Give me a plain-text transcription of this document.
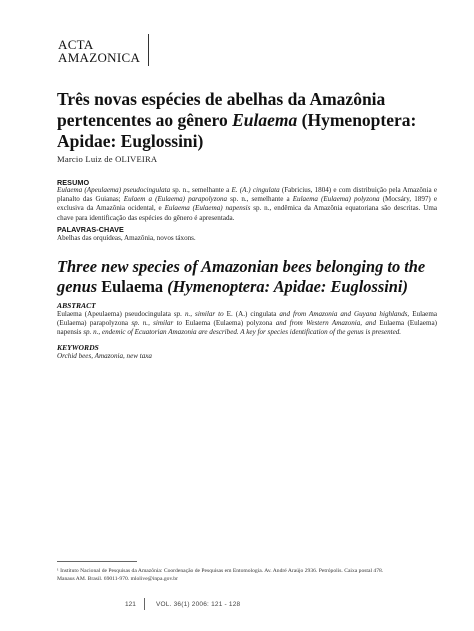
ACTA
AMAZONICA
Três novas espécies de abelhas da Amazônia pertencentes ao gênero Eulaema (Hymenoptera: Apidae: Euglossini)
Marcio Luiz de OLIVEIRA
RESUMO

Eulaema (Apeulaema) pseudocingulata sp. n., semelhante a E. (A.) cingulata (Fabricius, 1804) e com distribuição pela Amazônia e planalto das Guianas; Eulaem a (Eulaema) parapolyzona sp. n., semelhante a Eulaema (Eulaema) polyzona (Mocsáry, 1897) e exclusiva da Amazônia ocidental, e Eulaema (Eulaema) napensis sp. n., endêmica da Amazônia equatoriana são descritas. Uma chave para identificação das espécies do gênero é apresentada.

PALAVRAS-CHAVE

Abelhas das orquídeas, Amazônia, novos táxons.

Three new species of Amazonian bees belonging to the genus Eulaema (Hymenoptera: Apidae: Euglossini)
ABSTRACT

Eulaema (Apeulaema) pseudocingulata sp. n., similar to E. (A.) cingulata and from Amazonia and Guyana highlands, Eulaema (Eulaema) parapolyzona sp. n., similar to Eulaema (Eulaema) polyzona and from Western Amazonia, and Eulaema (Eulaema) napensis sp. n., endemic of Ecuatorian Amazonia are described. A key for species identification of the genus is presented.

KEYWORDS

Orchid bees, Amazonia, new taxa

¹ Instituto Nacional de Pesquisas da Amazônia: Coordenação de Pesquisas em Entomologia. Av. André Araújo 2936. Petrópolis. Caixa postal 478.
Manaus AM. Brasil. 69011-970. mlolive@inpa.gov.br
121	VOL. 36(1) 2006: 121 - 128
